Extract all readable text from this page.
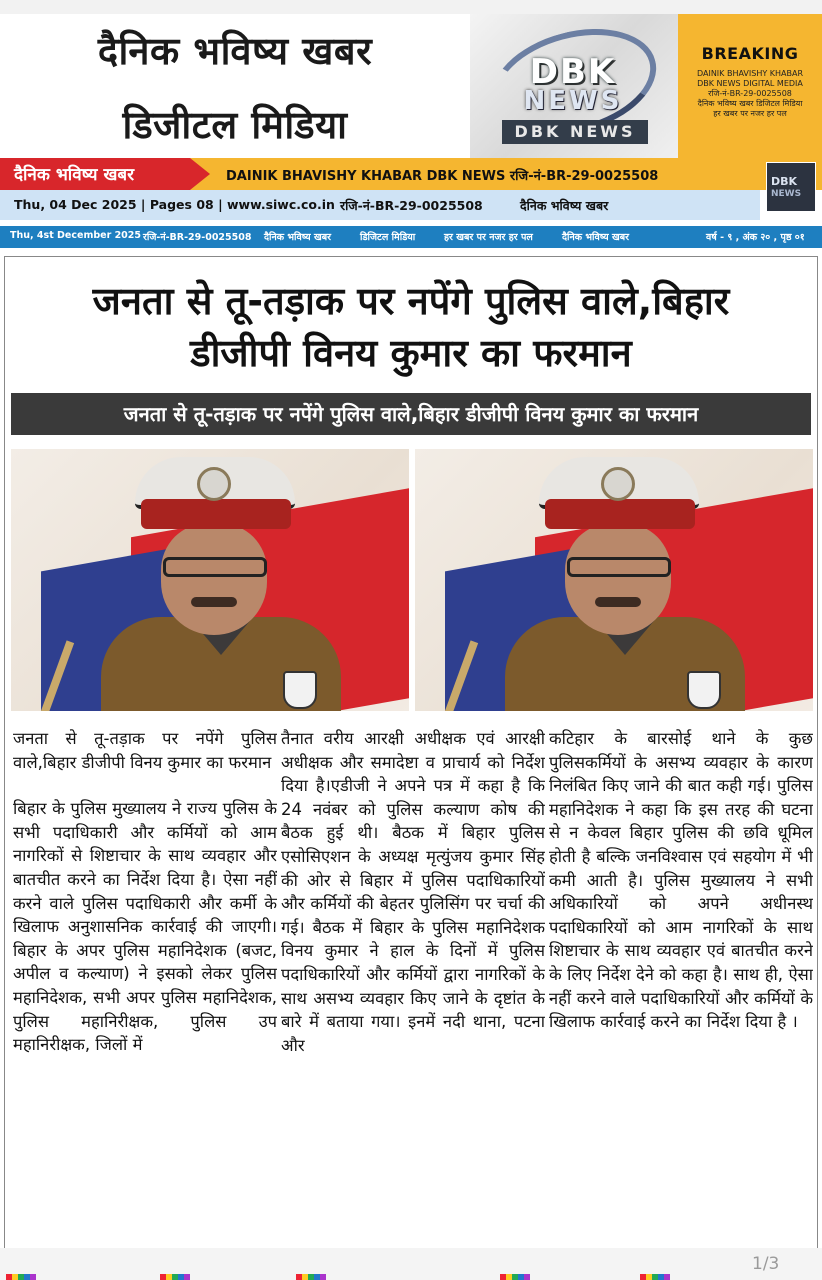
दैनिक भविष्य खबर
डिजीटल मिडिया
DBK
NEWS
DBK NEWS
BREAKING
DAINIK BHAVISHY KHABAR
DBK NEWS DIGITAL MEDIA
रजि-नं-BR-29-0025508
दैनिक भविष्य खबर डिजिटल मिडिया
हर खबर पर नजर हर पल
दैनिक भविष्य खबर	DAINIK BHAVISHY KHABAR DBK NEWS रजि-नं-BR-29-0025508
Thu, 04 Dec 2025 | Pages 08 | www.siwc.co.in रजि-नं-BR-29-0025508	दैनिक भविष्य खबर
DBK
NEWS
Thu, 4st December 2025 रजि-नं-BR-29-0025508 दैनिक भविष्य खबर	डिजिटल मिडिया	हर खबर पर नजर हर पल	दैनिक भविष्य खबर	वर्ष - ९ , अंक २० , पृष्ठ ०१
जनता से तू-तड़ाक पर नपेंगे पुलिस वाले,बिहार
डीजीपी विनय कुमार का फरमान
जनता से तू-तड़ाक पर नपेंगे पुलिस वाले,बिहार डीजीपी विनय कुमार का फरमान
जनता से तू-तड़ाक पर नपेंगे पुलिस वाले,बिहार डीजीपी विनय कुमार का फरमान
बिहार के पुलिस मुख्यालय ने राज्य पुलिस के सभी पदाधिकारी और कर्मियों को आम नागरिकों से शिष्टाचार के साथ व्यवहार और बातचीत करने का निर्देश दिया है। ऐसा नहीं करने वाले पुलिस पदाधिकारी और कर्मी के खिलाफ अनुशासनिक कार्रवाई की जाएगी।बिहार के अपर पुलिस महानिदेशक (बजट, अपील व कल्याण) ने इसको लेकर पुलिस महानिदेशक, सभी अपर पुलिस महानिदेशक, पुलिस महानिरीक्षक, पुलिस उप महानिरीक्षक, जिलों में
तैनात वरीय आरक्षी अधीक्षक एवं आरक्षी अधीक्षक और समादेष्टा व प्राचार्य को निर्देश दिया है।एडीजी ने अपने पत्र में कहा है कि 24 नवंबर को पुलिस कल्याण कोष की बैठक हुई थी। बैठक में बिहार पुलिस एसोसिएशन के अध्यक्ष मृत्युंजय कुमार सिंह की ओर से बिहार में पुलिस पदाधिकारियों और कर्मियों की बेहतर पुलिसिंग पर चर्चा की गई। बैठक में बिहार के पुलिस महानिदेशक विनय कुमार ने हाल के दिनों में पुलिस पदाधिकारियों और कर्मियों द्वारा नागरिकों के साथ असभ्य व्यवहार किए जाने के दृष्टांत के बारे में बताया गया। इनमें नदी थाना, पटना और
कटिहार के बारसोई थाने के कुछ पुलिसकर्मियों के असभ्य व्यवहार के कारण निलंबित किए जाने की बात कही गई। पुलिस महानिदेशक ने कहा कि इस तरह की घटना से न केवल बिहार पुलिस की छवि धूमिल होती है बल्कि जनविश्वास एवं सहयोग में भी कमी आती है। पुलिस मुख्यालय ने सभी अधिकारियों को अपने अधीनस्थ पदाधिकारियों को आम नागरिकों के साथ शिष्टाचार के साथ व्यवहार एवं बातचीत करने के लिए निर्देश देने को कहा है। साथ ही, ऐसा नहीं करने वाले पदाधिकारियों और कर्मियों के खिलाफ कार्रवाई करने का निर्देश दिया है ।
1/3
